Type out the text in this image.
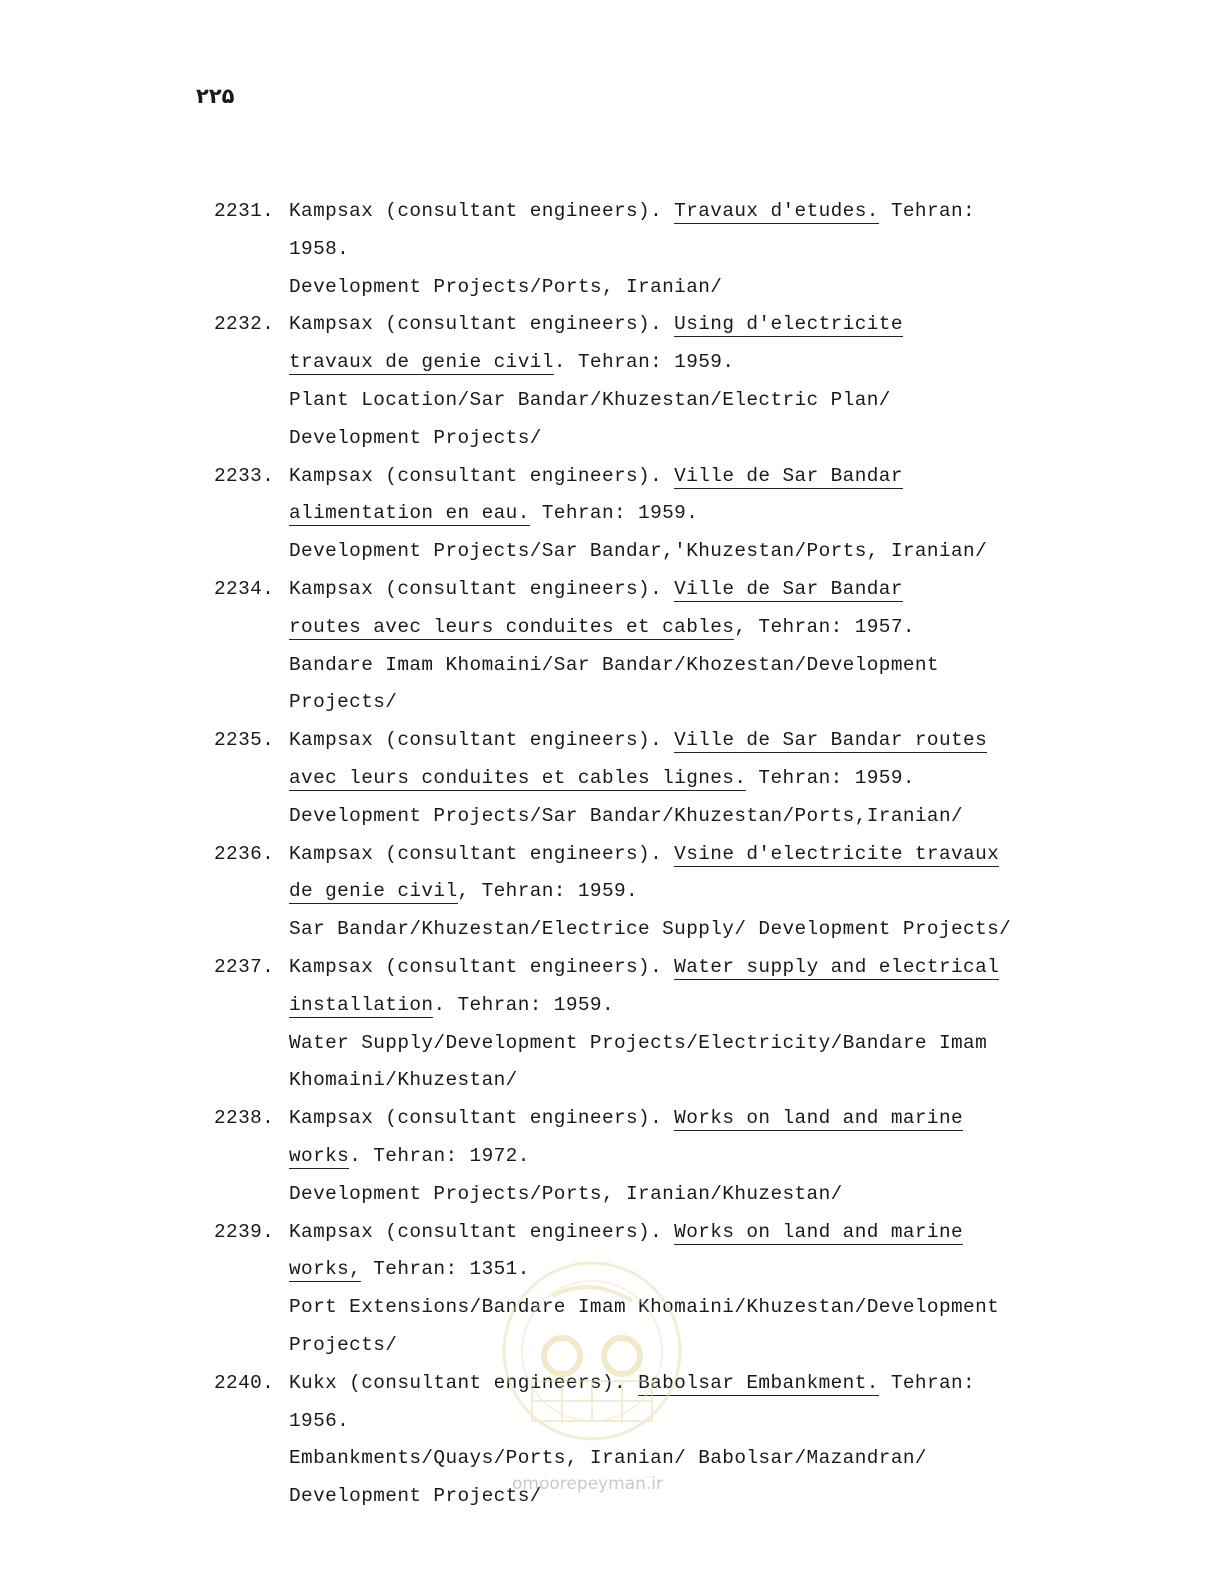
۲۲۵
2231. Kampsax (consultant engineers). Travaux d'etudes. Tehran:
1958.
Development Projects/Ports, Iranian/
2232. Kampsax (consultant engineers). Using d'electricite
travaux de genie civil. Tehran: 1959.
Plant Location/Sar Bandar/Khuzestan/Electric Plan/
Development Projects/
2233. Kampsax (consultant engineers). Ville de Sar Bandar
alimentation en eau. Tehran: 1959.
Development Projects/Sar Bandar,'Khuzestan/Ports, Iranian/
2234. Kampsax (consultant engineers). Ville de Sar Bandar
routes avec leurs conduites et cables, Tehran: 1957.
Bandare Imam Khomaini/Sar Bandar/Khozestan/Development
Projects/
2235. Kampsax (consultant engineers). Ville de Sar Bandar routes
avec leurs conduites et cables lignes. Tehran: 1959.
Development Projects/Sar Bandar/Khuzestan/Ports,Iranian/
2236. Kampsax (consultant engineers). Vsine d'electricite travaux
de genie civil, Tehran: 1959.
Sar Bandar/Khuzestan/Electrice Supply/ Development Projects/
2237. Kampsax (consultant engineers). Water supply and electrical
installation. Tehran: 1959.
Water Supply/Development Projects/Electricity/Bandare Imam
Khomaini/Khuzestan/
2238. Kampsax (consultant engineers). Works on land and marine
works. Tehran: 1972.
Development Projects/Ports, Iranian/Khuzestan/
2239. Kampsax (consultant engineers). Works on land and marine
works, Tehran: 1351.
Port Extensions/Bandare Imam Khomaini/Khuzestan/Development
Projects/
2240. Kukx (consultant engineers). Babolsar Embankment. Tehran:
1956.
Embankments/Quays/Ports, Iranian/ Babolsar/Mazandran/
Development Projects/
omoorepeyman.ir
